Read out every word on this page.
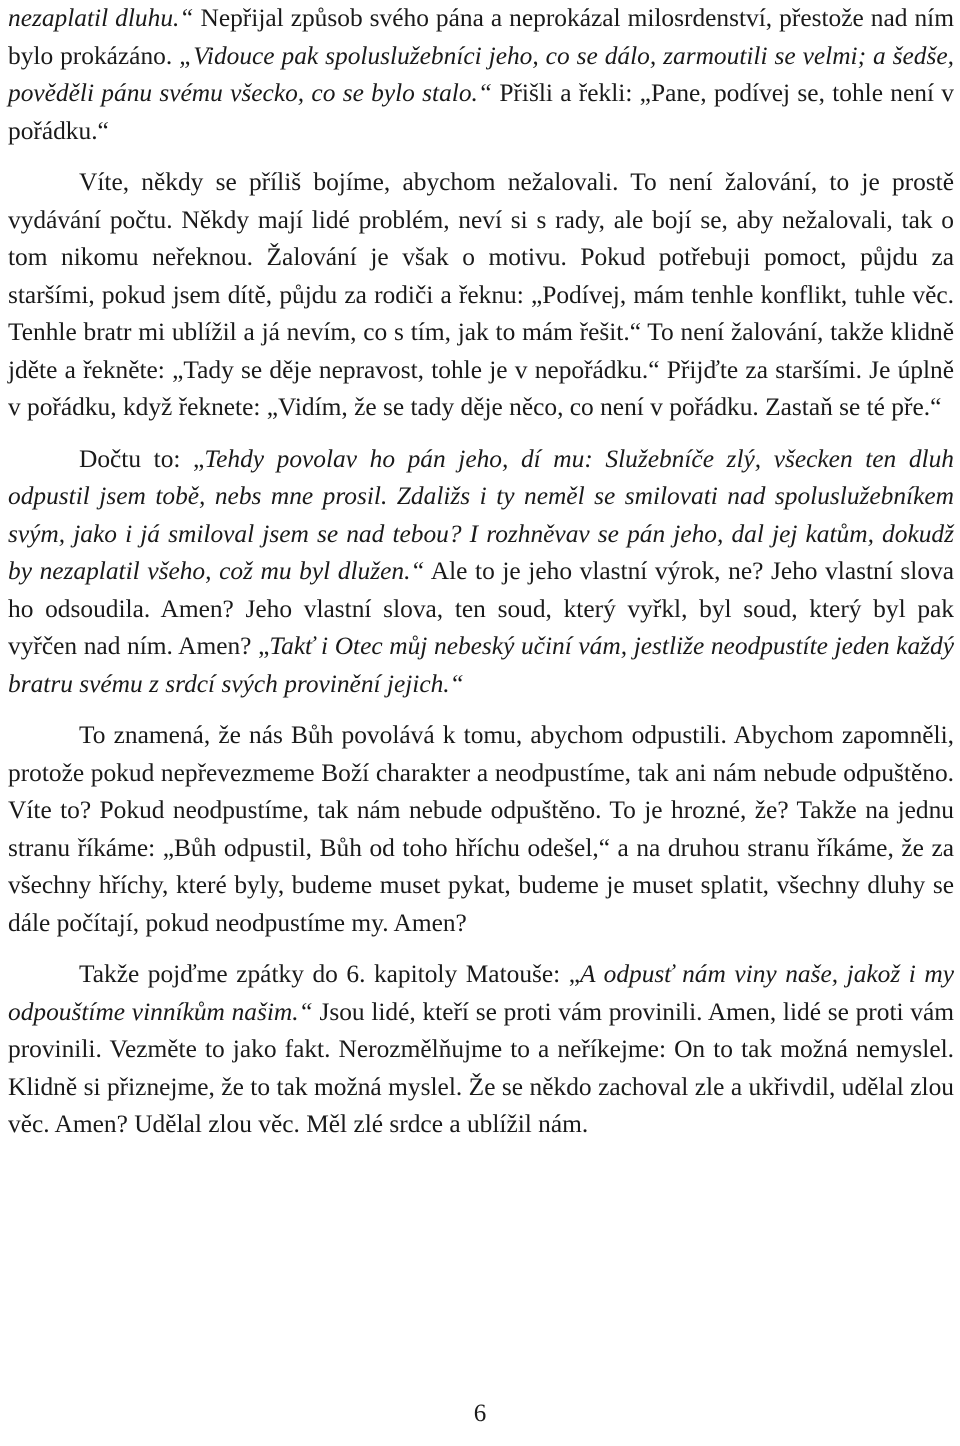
nezaplatil dluhu.“ Nepřijal způsob svého pána a neprokázal milosrdenství, přestože nad ním bylo prokázáno. „Vidouce pak spoluslužebníci jeho, co se dálo, zarmoutili se velmi; a šedše, pověděli pánu svému všecko, co se bylo stalo.“ Přišli a řekli: „Pane, podívej se, tohle není v pořádku.“

Víte, někdy se příliš bojíme, abychom nežalovali. To není žalování, to je prostě vydávání počtu. Někdy mají lidé problém, neví si s rady, ale bojí se, aby nežalovali, tak o tom nikomu neřeknou. Žalování je však o motivu. Pokud potřebuji pomoct, půjdu za staršími, pokud jsem dítě, půjdu za rodiči a řeknu: „Podívej, mám tenhle konflikt, tuhle věc. Tenhle bratr mi ublížil a já nevím, co s tím, jak to mám řešit.“ To není žalování, takže klidně jděte a řekněte: „Tady se děje nepravost, tohle je v nepořádku.“ Přijďte za staršími. Je úplně v pořádku, když řeknete: „Vidím, že se tady děje něco, co není v pořádku. Zastaň se té pře.“

Dočtu to: „Tehdy povolav ho pán jeho, dí mu: Služebníče zlý, všecken ten dluh odpustil jsem tobě, nebs mne prosil. Zdaližs i ty neměl se smilovati nad spoluslužebníkem svým, jako i já smiloval jsem se nad tebou? I rozhněvav se pán jeho, dal jej katům, dokudž by nezaplatil všeho, což mu byl dlužen.“ Ale to je jeho vlastní výrok, ne? Jeho vlastní slova ho odsoudila. Amen? Jeho vlastní slova, ten soud, který vyřkl, byl soud, který byl pak vyřčen nad ním. Amen? „Takť i Otec můj nebeský učiní vám, jestliže neodpustíte jeden každý bratru svému z srdcí svých provinění jejich.“

To znamená, že nás Bůh povolává k tomu, abychom odpustili. Abychom zapomněli, protože pokud nepřevezmeme Boží charakter a neodpustíme, tak ani nám nebude odpuštěno. Víte to? Pokud neodpustíme, tak nám nebude odpuštěno. To je hrozné, že? Takže na jednu stranu říkáme: „Bůh odpustil, Bůh od toho hříchu odešel,“ a na druhou stranu říkáme, že za všechny hříchy, které byly, budeme muset pykat, budeme je muset splatit, všechny dluhy se dále počítají, pokud neodpustíme my. Amen?

Takže pojďme zpátky do 6. kapitoly Matouše: „A odpusť nám viny naše, jakož i my odpouštíme vinníkům našim.“ Jsou lidé, kteří se proti vám provinili. Amen, lidé se proti vám provinili. Vezměte to jako fakt. Nerozmělňujme to a neříkejme: On to tak možná nemyslel. Klidně si přiznejme, že to tak možná myslel. Že se někdo zachoval zle a ukřivdil, udělal zlou věc. Amen? Udělal zlou věc. Měl zlé srdce a ublížil nám.

6
